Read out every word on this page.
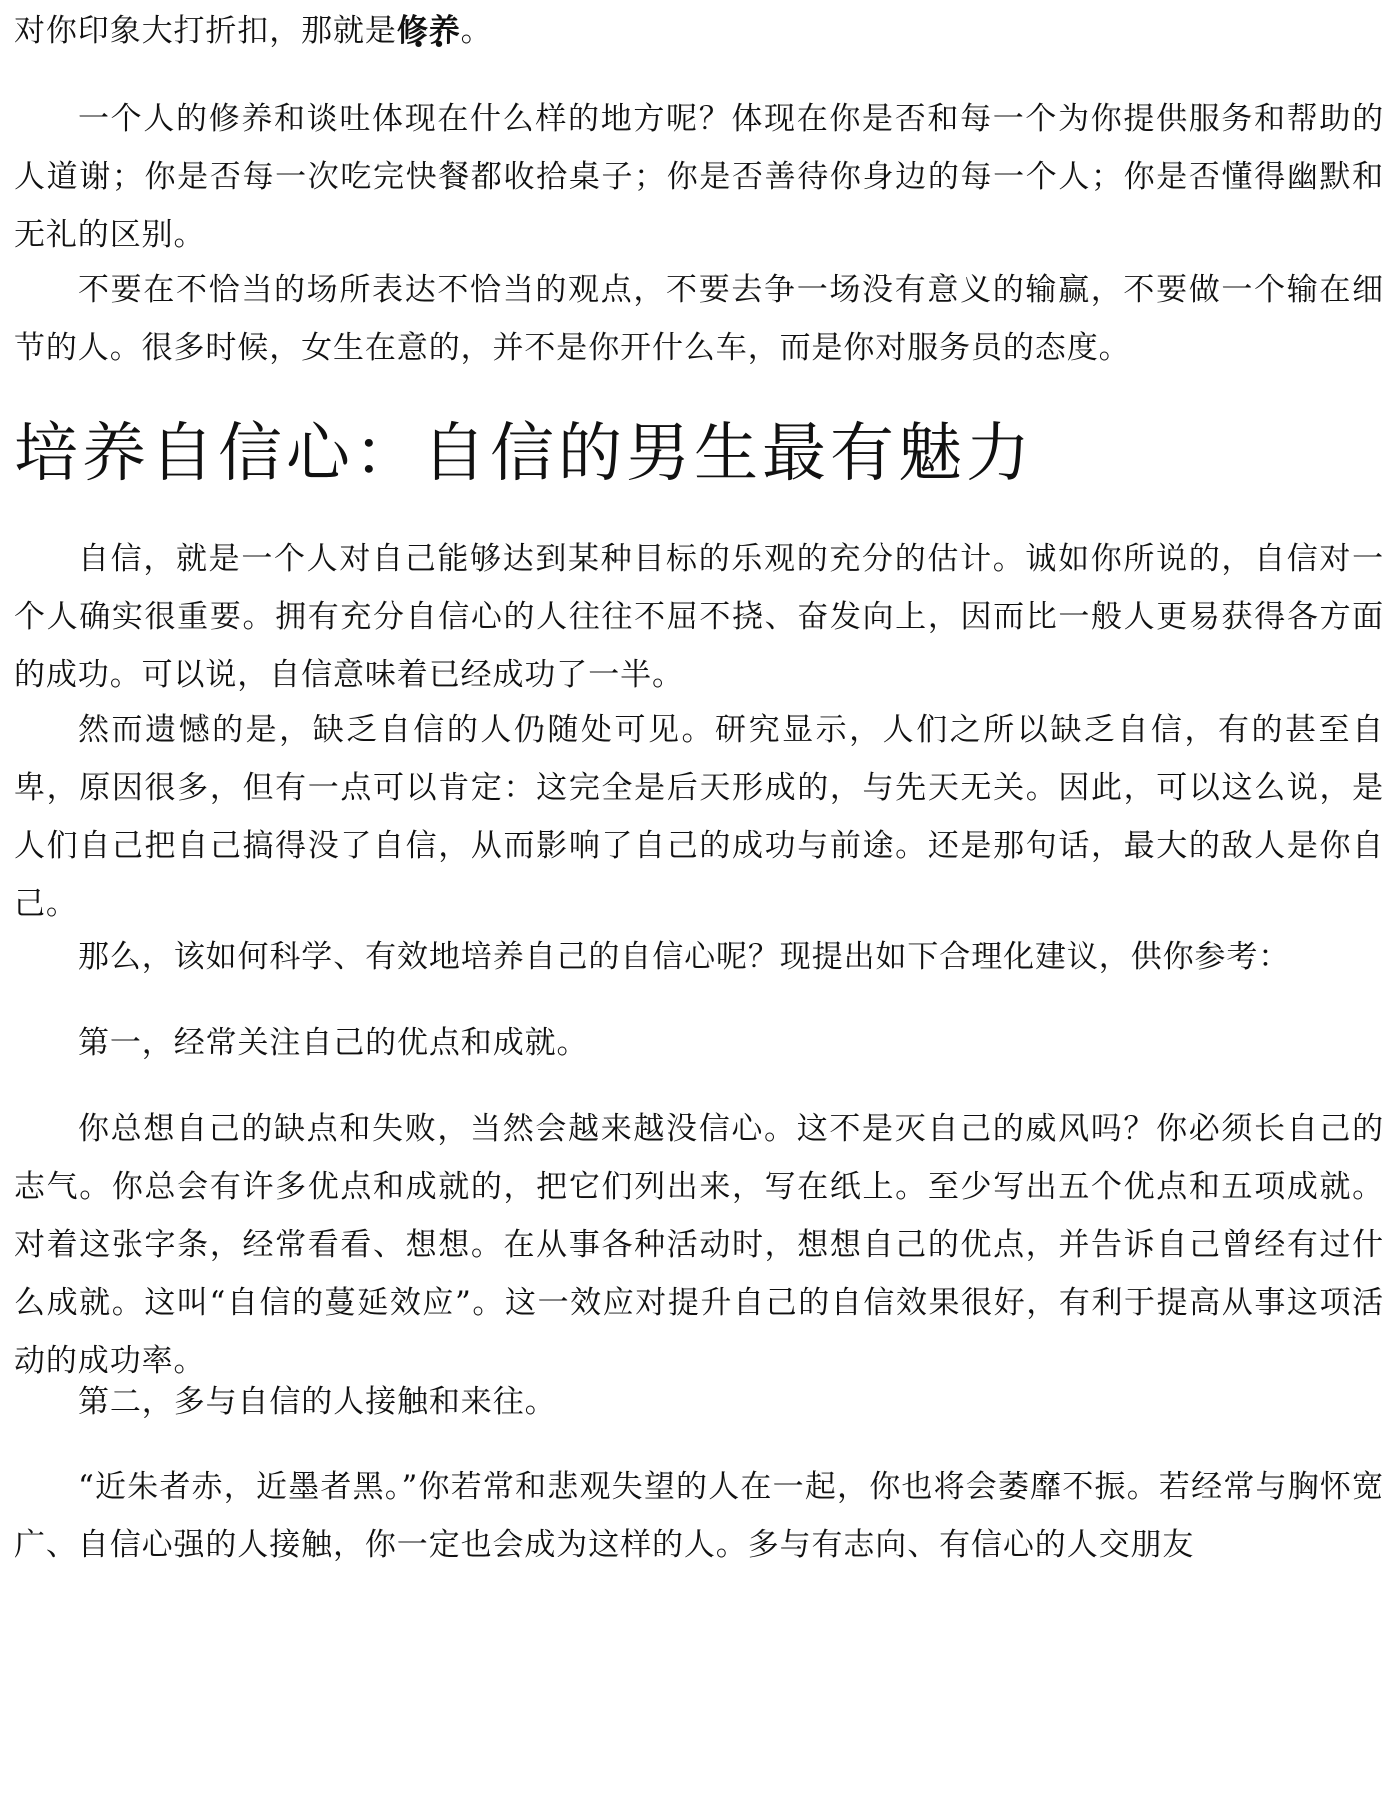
对你印象大打折扣，那就是修养 • •。

一个人的修养和谈吐体现在什么样的地方呢？体现在你是否和每一个为你提供服务和帮助的人道谢；你是否每一次吃完快餐都收拾桌子；你是否善待你身边的每一个人；你是否懂得幽默和无礼的区别。

不要在不恰当的场所表达不恰当的观点，不要去争一场没有意义的输赢，不要做一个输在细节的人。很多时候，女生在意的，并不是你开什么车，而是你对服务员的态度。

培养自信心：自信的男生最有魅力

自信，就是一个人对自己能够达到某种目标的乐观的充分的估计。诚如你所说的，自信对一个人确实很重要。拥有充分自信心的人往往不屈不挠、奋发向上，因而比一般人更易获得各方面的成功。可以说，自信意味着已经成功了一半。

然而遗憾的是，缺乏自信的人仍随处可见。研究显示，人们之所以缺乏自信，有的甚至自卑，原因很多，但有一点可以肯定：这完全是后天形成的，与先天无关。因此，可以这么说，是人们自己把自己搞得没了自信，从而影响了自己的成功与前途。还是那句话，最大的敌人是你自己。

那么，该如何科学、有效地培养自己的自信心呢？现提出如下合理化建议，供你参考：

第一，经常关注自己的优点和成就。

你总想自己的缺点和失败，当然会越来越没信心。这不是灭自己的威风吗？你必须长自己的志气。你总会有许多优点和成就的，把它们列出来，写在纸上。至少写出五个优点和五项成就。对着这张字条，经常看看、想想。在从事各种活动时，想想自己的优点，并告诉自己曾经有过什么成就。这叫“自信的蔓延效应”。这一效应对提升自己的自信效果很好，有利于提高从事这项活动的成功率。

第二，多与自信的人接触和来往。

“近朱者赤，近墨者黑。”你若常和悲观失望的人在一起，你也将会萎靡不振。若经常与胸怀宽广、自信心强的人接触，你一定也会成为这样的人。多与有志向、有信心的人交朋友
